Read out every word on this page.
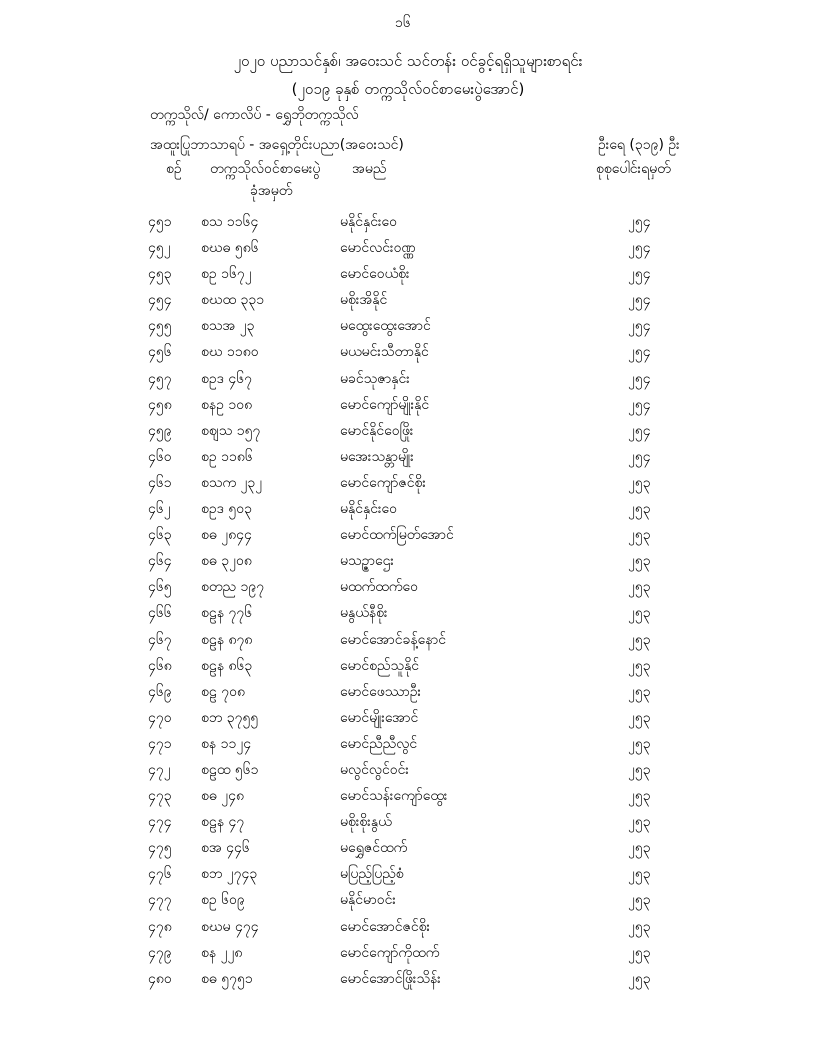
၁၆
၂၀၂၀ ပညာသင်နှစ်၊ အဝေးသင် သင်တန်း ဝင်ခွင့်ရရှိသူများစာရင်း
(၂၀၁၉ ခုနှစ် တက္ကသိုလ်ဝင်စာမေးပွဲအောင်)
တက္ကသိုလ်/ ကောလိပ် - ရွှေဘိုတက္ကသိုလ်
အထူးပြုဘာသာရပ် - အရှေ့တိုင်းပညာ(အဝေးသင်)	ဦးရေ (၃၁၉) ဦး
စဉ် တက္ကသိုလ်ဝင်စာမေးပွဲ
ခုံအမှတ်
အမည်	စုစုပေါင်းရမှတ်
၄၅၁ စသ ၁၁၆၄	မနိုင်နှင်းဝေ	၂၅၄
၄၅၂ စဃဓ ၅၈၆	မောင်လင်းဝဏ္ဏ	၂၅၄
၄၅၃ စဥ ၁၆၇၂	မောင်ဝေယံစိုး	၂၅၄
၄၅၄ စဃထ ၃၃၁	မစိုးအိနိုင်	၂၅၄
၄၅၅ စသအ ၂၃	မထွေးထွေးအောင်	၂၅၄
၄၅၆ စဃ ၁၁၈၀	မယမင်းသီတာနိုင်	၂၅၄
၄၅၇ စဥဒ ၄၆၇	မခင်သုဇာနှင်း	၂၅၄
၄၅၈ စနဥ ၁၀၈	မောင်ကျော်မျိုးနိုင်	၂၅၄
၄၅၉ စဈသ ၁၅၇	မောင်နိုင်ဝေဖြိုး	၂၅၄
၄၆၀ စဥ ၁၁၈၆	မအေးသန္တာမျိုး	၂၅၄
၄၆၁ စသက ၂၃၂	မောင်ကျော်ဇင်စိုး	၂၅၃
၄၆၂ စဥဒ ၅၀၃	မနိုင်နှင်းဝေ	၂၅၃
၄၆၃ စဓ ၂၈၄၄	မောင်ထက်မြတ်အောင်	၂၅၃
၄၆၄ စဓ ၃၂၀၈	မသဥ္ဇာဌေး	၂၅၃
၄၆၅ စတည ၁၉၇	မထက်ထက်ဝေ	၂၅၃
၄၆၆ စဠန ၇၇၆	မနွယ်နီစိုး	၂၅၃
၄၆၇ စဠန ၈၇၈	မောင်အောင်ခန့်နောင်	၂၅၃
၄၆၈ စဠန ၈၆၃	မောင်စည်သူနိုင်	၂၅၃
၄၆၉ စဠ ၇၀၈	မောင်ဖေဿာဦး	၂၅၃
၄၇၀ စဘ ၃၇၅၅	မောင်မျိုးအောင်	၂၅၃
၄၇၁ စန ၁၁၂၄	မောင်ညီညီလွင်	၂၅၃
၄၇၂ စဠထ ၅၆၁	မလွင်လွင်ဝင်း	၂၅၃
၄၇၃ စဓ ၂၄၈	မောင်သန်းကျော်ထွေး	၂၅၃
၄၇၄ စဠန ၄၇	မစိုးစိုးနွယ်	၂၅၃
၄၇၅ စအ ၄၄၆	မရွှေဇင်ထက်	၂၅၃
၄၇၆ စဘ ၂၇၄၃	မပြည့်ပြည့်စံ	၂၅၃
၄၇၇ စဥ ၆၀၉	မနိုင်မာဝင်း	၂၅၃
၄၇၈ စဃမ ၄၇၄	မောင်အောင်ဇင်စိုး	၂၅၃
၄၇၉ စန ၂၂၈	မောင်ကျော်ကိုထက်	၂၅၃
၄၈၀ စဓ ၅၇၅၁	မောင်အောင်ဖြိုးသိန်း	၂၅၃
